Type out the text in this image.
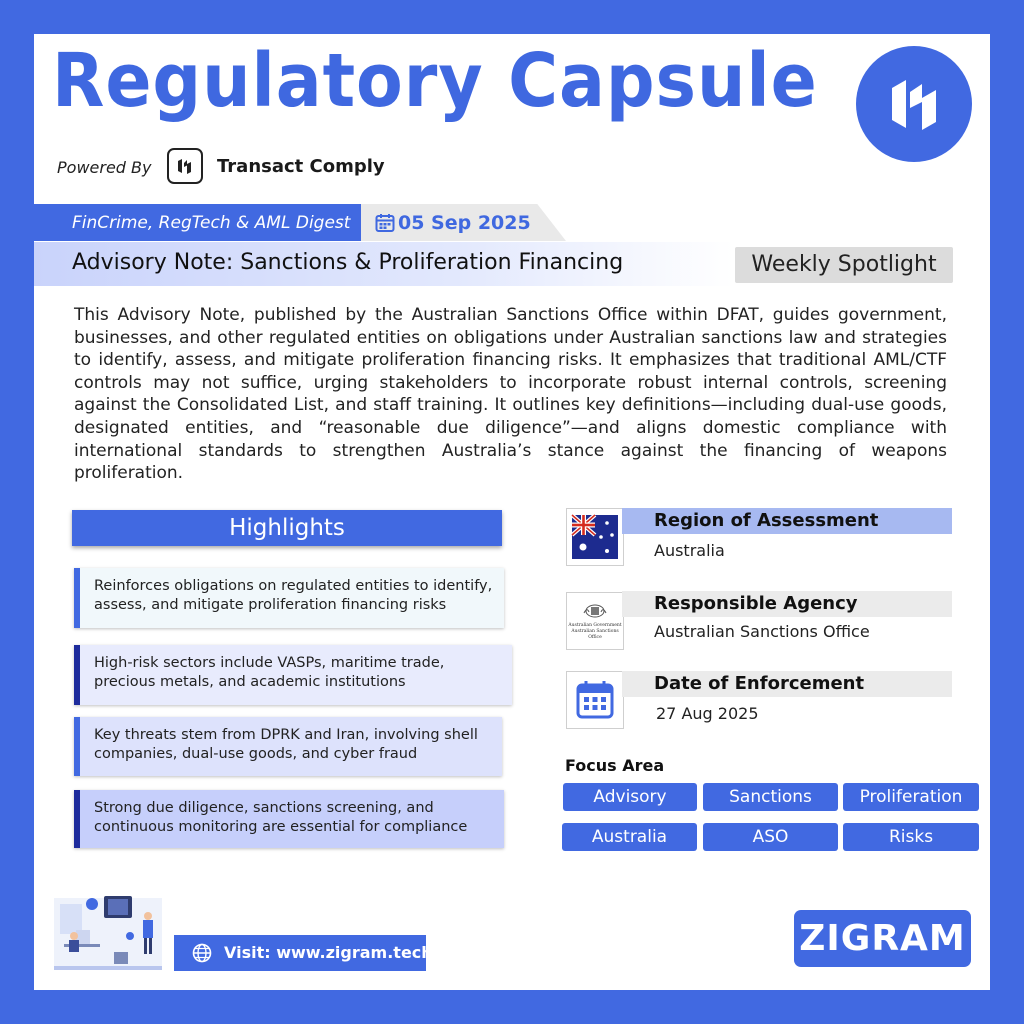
Regulatory Capsule
Powered By	Transact Comply
FinCrime, RegTech & AML Digest	05 Sep 2025
Advisory Note: Sanctions & Proliferation Financing	Weekly Spotlight
This Advisory Note, published by the Australian Sanctions Office within DFAT, guides government, businesses, and other regulated entities on obligations under Australian sanctions law and strategies to identify, assess, and mitigate proliferation financing risks. It emphasizes that traditional AML/CTF controls may not suffice, urging stakeholders to incorporate robust internal controls, screening against the Consolidated List, and staff training. It outlines key definitions—including dual-use goods, designated entities, and “reasonable due diligence”—and aligns domestic compliance with international standards to strengthen Australia’s stance against the financing of weapons proliferation.
Highlights
Reinforces obligations on regulated entities to identify, assess, and mitigate proliferation financing risks
High-risk sectors include VASPs, maritime trade, precious metals, and academic institutions
Key threats stem from DPRK and Iran, involving shell companies, dual-use goods, and cyber fraud
Strong due diligence, sanctions screening, and continuous monitoring are essential for compliance
Region of Assessment
Australia
Australian Government
Australian Sanctions Office
Responsible Agency
Australian Sanctions Office
Date of Enforcement
27 Aug 2025
Focus Area
Advisory	Sanctions	Proliferation
Australia	ASO	Risks
Visit: www.zigram.tech	ZIGRAM
